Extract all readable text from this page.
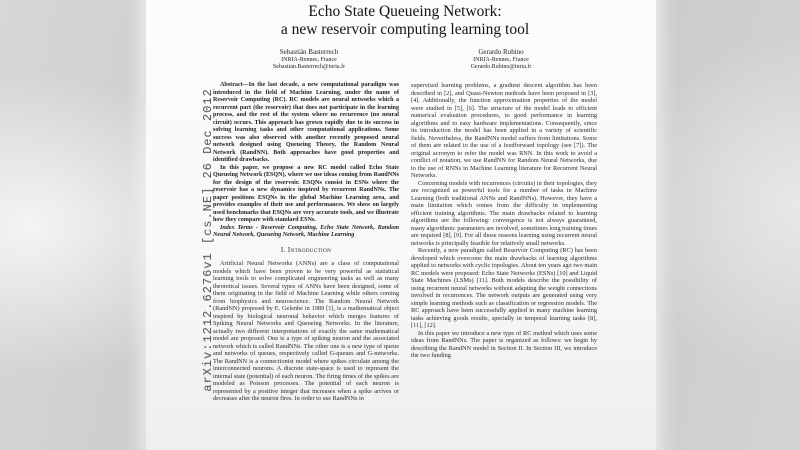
arXiv:1212.6276v1 [cs.NE] 26 Dec 2012
Echo State Queueing Network:
a new reservoir computing learning tool
Sebastián Basterrech
INRIA-Rennes, France
Sebastian.Basterrech@inria.fr
Gerardo Rubino
INRIA-Rennes, France
Gerardo.Rubino@inria.fr

Abstract—In the last decade, a new computational paradigm was introduced in the field of Machine Learning, under the name of Reservoir Computing (RC). RC models are neural networks which a recurrent part (the reservoir) that does not participate in the learning process, and the rest of the system where no recurrence (no neural circuit) occurs. This approach has grown rapidly due to its success in solving learning tasks and other computational applications. Some success was also observed with another recently proposed neural network designed using Queueing Theory, the Random Neural Network (RandNN). Both approaches have good properties and identified drawbacks.

In this paper, we propose a new RC model called Echo State Queueing Network (ESQN), where we use ideas coming from RandNNs for the design of the reservoir. ESQNs consist in ESNs where the reservoir has a new dynamics inspired by recurrent RandNNs. The paper positions ESQNs in the global Machine Learning area, and provides examples of their use and performances. We show on largely used benchmarks that ESQNs are very accurate tools, and we illustrate how they compare with standard ESNs.

Index Terms - Reservoir Computing, Echo State Network, Random Neural Network, Queueing Network, Machine Learning

I. Introduction

Artificial Neural Networks (ANNs) are a class of computational models which have been proven to be very powerful as statistical learning tools to solve complicated engineering tasks as well as many theoretical issues. Several types of ANNs have been designed, some of them originating in the field of Machine Learning while others coming from biophysics and neuroscience. The Random Neural Network (RandNN) proposed by E. Gelenbe in 1989 [1], is a mathematical object inspired by biological neuronal behavior which merges features of Spiking Neural Networks and Queueing Networks. In the literature, actually two different interpretations of exactly the same mathematical model are proposed. One is a type of spiking neuron and the associated network which is called RandNNs. The other one is a new type of queue and networks of queues, respectively called G-queues and G-networks. The RandNN is a connectionist model where spikes circulate among the interconnected neurons. A discrete state-space is used to represent the internal state (potential) of each neuron. The firing times of the spikes are modeled as Poisson processes. The potential of each neuron is represented by a positive integer that increases when a spike arrives or decreases after the neuron fires. In order to use RandNNs in

supervised learning problems, a gradient descent algorithm has been described in [2], and Quasi-Newton methods have been proposed in [3], [4]. Additionally, the function approximation properties of the model were studied in [5], [6]. The structure of the model leads to efficient numerical evaluation procedures, to good performance in learning algorithms and to easy hardware implementations. Consequently, since its introduction the model has been applied in a variety of scientific fields. Nevertheless, the RandNNs model suffers from limitations. Some of them are related to the use of a feedforward topology (see [7]). The original acronym to refer the model was RNN. In this work to avoid a conflict of notation, we use RandNN for Random Neural Networks, due to the use of RNNs in Machine Learning literature for Recurrent Neural Networks.

Concerning models with recurrences (circuits) in their topologies, they are recognized as powerful tools for a number of tasks in Machine Learning (both traditional ANNs and RandNNs). However, they have a main limitation which comes from the difficulty in implementing efficient training algorithms. The main drawbacks related to learning algorithms are the following: convergence is not always guaranteed, many algorithmic parameters are involved, sometimes long training times are required [8], [9]. For all those reasons learning using recurrent neural networks is principally feasible for relatively small networks.

Recently, a new paradigm called Reservoir Computing (RC) has been developed which overcome the main drawbacks of learning algorithms applied to networks with cyclic topologies. About ten years ago two main RC models were proposed: Echo State Networks (ESNs) [10] and Liquid State Machines (LSMs) [11]. Both models describe the possibility of using recurrent neural networks without adapting the weight connections involved in recurrences. The network outputs are generated using very simple learning methods such as classification or regression models. The RC approach have been successfully applied in many machine learning tasks achieving goods results, specially in temporal learning tasks [8], [11], [12].

In this paper we introduce a new type of RC method which uses some ideas from RandNNs. The paper is organized as follows: we begin by describing the RandNN model in Section II. In Section III, we introduce the two funding
